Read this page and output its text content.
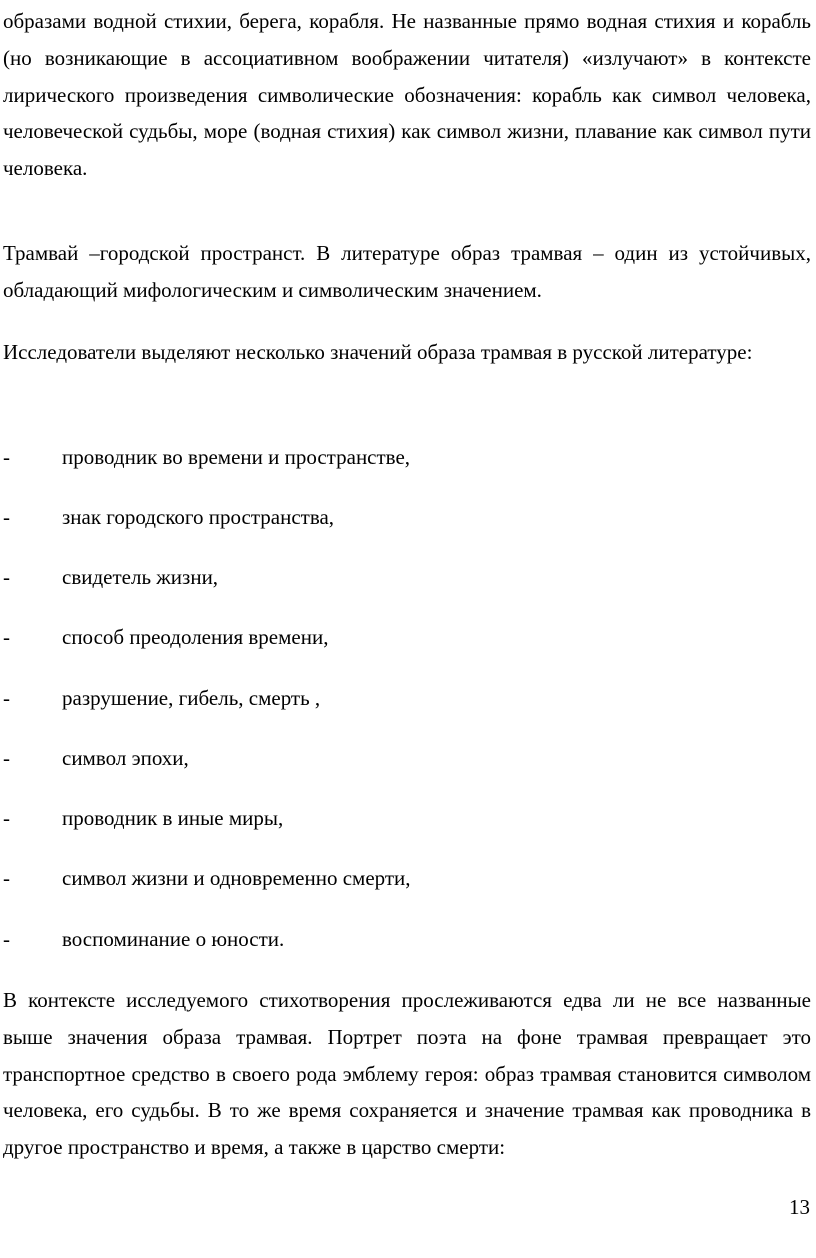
образами водной стихии, берега, корабля. Не названные прямо водная стихия и корабль (но возникающие в ассоциативном воображении читателя) «излучают» в контексте лирического произведения символические обозначения: корабль как символ человека, человеческой судьбы, море (водная стихия) как символ жизни, плавание как символ пути человека.

Трамвай –городской пространст. В литературе образ трамвая – один из устойчивых, обладающий мифологическим и символическим значением.

Исследователи выделяют несколько значений образа трамвая в русской литературе:

- проводник во времени и пространстве,
- знак городского пространства,
- свидетель жизни,
- способ преодоления времени,
- разрушение, гибель, смерть ,
- символ эпохи,
- проводник в иные миры,
- символ жизни и одновременно смерти,
- воспоминание о юности.

В контексте исследуемого стихотворения прослеживаются едва ли не все названные выше значения образа трамвая. Портрет поэта на фоне трамвая превращает это транспортное средство в своего рода эмблему героя: образ трамвая становится символом человека, его судьбы. В то же время сохраняется и значение трамвая как проводника в другое пространство и время, а также в царство смерти:

13
